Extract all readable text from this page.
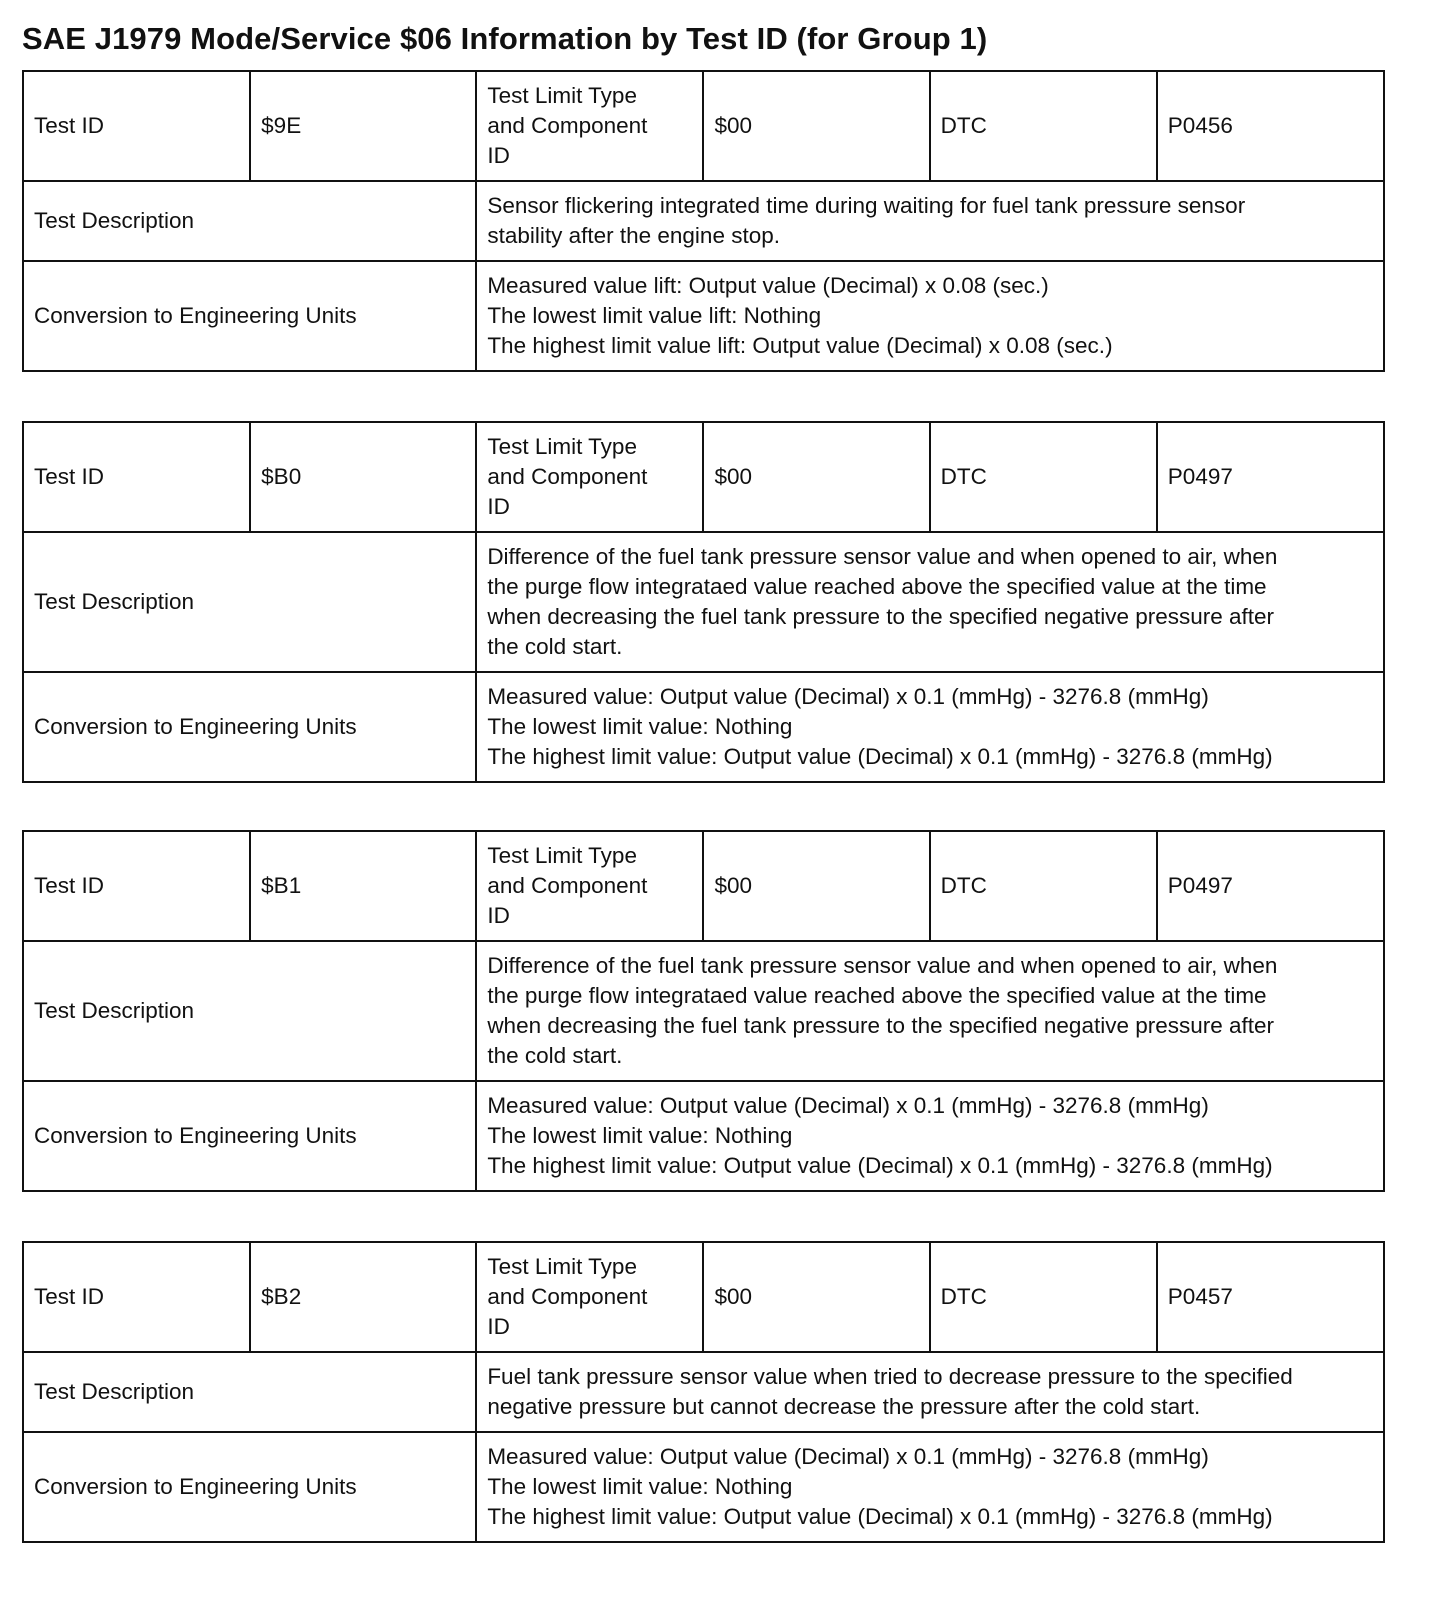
SAE J1979 Mode/Service $06 Information by Test ID (for Group 1)
Test ID	$9E	Test Limit Type
and Component
ID	$00	DTC	P0456
Test Description		Sensor flickering integrated time during waiting for fuel tank pressure sensor
stability after the engine stop.			

Conversion to Engineering Units		Measured value lift: Output value (Decimal) x 0.08 (sec.)
The lowest limit value lift: Nothing
The highest limit value lift: Output value (Decimal) x 0.08 (sec.)			
Test ID	$B0	Test Limit Type
and Component
ID	$00	DTC	P0497
Test Description		Difference of the fuel tank pressure sensor value and when opened to air, when
the purge flow integrataed value reached above the specified value at the time
when decreasing the fuel tank pressure to the specified negative pressure after
the cold start.			

Conversion to Engineering Units		Measured value: Output value (Decimal) x 0.1 (mmHg) - 3276.8 (mmHg)
The lowest limit value: Nothing
The highest limit value: Output value (Decimal) x 0.1 (mmHg) - 3276.8 (mmHg)			
Test ID	$B1	Test Limit Type
and Component
ID	$00	DTC	P0497
Test Description		Difference of the fuel tank pressure sensor value and when opened to air, when
the purge flow integrataed value reached above the specified value at the time
when decreasing the fuel tank pressure to the specified negative pressure after
the cold start.			

Conversion to Engineering Units		Measured value: Output value (Decimal) x 0.1 (mmHg) - 3276.8 (mmHg)
The lowest limit value: Nothing
The highest limit value: Output value (Decimal) x 0.1 (mmHg) - 3276.8 (mmHg)			
Test ID	$B2	Test Limit Type
and Component
ID	$00	DTC	P0457
Test Description		Fuel tank pressure sensor value when tried to decrease pressure to the specified
negative pressure but cannot decrease the pressure after the cold start.			

Conversion to Engineering Units		Measured value: Output value (Decimal) x 0.1 (mmHg) - 3276.8 (mmHg)
The lowest limit value: Nothing
The highest limit value: Output value (Decimal) x 0.1 (mmHg) - 3276.8 (mmHg)			
